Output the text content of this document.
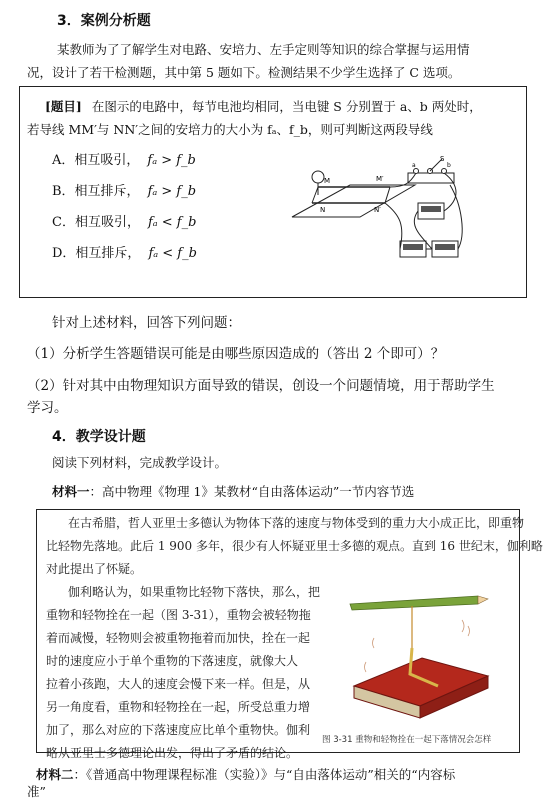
3．案例分析题
某教师为了了解学生对电路、安培力、左手定则等知识的综合掌握与运用情
况，设计了若干检测题，其中第 5 题如下。检测结果不少学生选择了 C 选项。
[题目] 在图示的电路中，每节电池均相同，当电键 S 分别置于 a、b 两处时，
若导线 MM′与 NN′之间的安培力的大小为 fₐ、f_b，则可判断这两段导线
A．相互吸引， fₐ > f_b
B．相互排斥， fₐ > f_b
C．相互吸引， fₐ < f_b
D．相互排斥， fₐ < f_b
M	M′
N	N′
S
a	b
针对上述材料，回答下列问题：
（1）分析学生答题错误可能是由哪些原因造成的（答出 2 个即可）？
（2）针对其中由物理知识方面导致的错误，创设一个问题情境，用于帮助学生
学习。
4．教学设计题
阅读下列材料，完成教学设计。
材料一：高中物理《物理 1》某教材“自由落体运动”一节内容节选
在古希腊，哲人亚里士多德认为物体下落的速度与物体受到的重力大小成正比，即重物
比轻物先落地。此后 1 900 多年，很少有人怀疑亚里士多德的观点。直到 16 世纪末，伽利略
对此提出了怀疑。
伽利略认为，如果重物比轻物下落快，那么，把
重物和轻物拴在一起（图 3-31），重物会被轻物拖
着而减慢，轻物则会被重物拖着而加快，拴在一起
时的速度应小于单个重物的下落速度，就像大人
拉着小孩跑，大人的速度会慢下来一样。但是，从
另一角度看，重物和轻物拴在一起，所受总重力增
加了，那么对应的下落速度应比单个重物快。伽利
略从亚里士多德理论出发，得出了矛盾的结论。
图 3-31 重物和轻物拴在一起下落情况会怎样
材料二：《普通高中物理课程标准（实验）》与“自由落体运动”相关的“内容标
准”
